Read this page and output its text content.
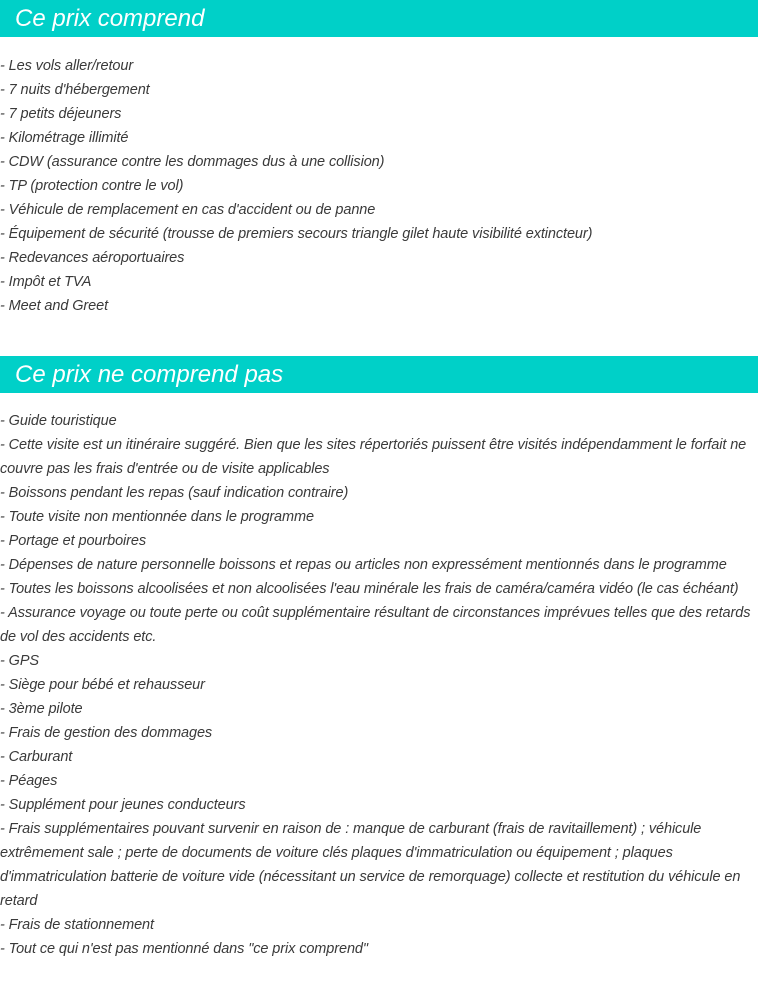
Ce prix comprend
- Les vols aller/retour
- 7 nuits d'hébergement
- 7 petits déjeuners
- Kilométrage illimité
- CDW (assurance contre les dommages dus à une collision)
- TP (protection contre le vol)
- Véhicule de remplacement en cas d'accident ou de panne
- Équipement de sécurité (trousse de premiers secours triangle gilet haute visibilité extincteur)
- Redevances aéroportuaires
- Impôt et TVA
- Meet and Greet
Ce prix ne comprend pas
- Guide touristique
- Cette visite est un itinéraire suggéré. Bien que les sites répertoriés puissent être visités indépendamment le forfait ne couvre pas les frais d'entrée ou de visite applicables
- Boissons pendant les repas (sauf indication contraire)
- Toute visite non mentionnée dans le programme
- Portage et pourboires
- Dépenses de nature personnelle boissons et repas ou articles non expressément mentionnés dans le programme
- Toutes les boissons alcoolisées et non alcoolisées l'eau minérale les frais de caméra/caméra vidéo (le cas échéant)
- Assurance voyage ou toute perte ou coût supplémentaire résultant de circonstances imprévues telles que des retards de vol des accidents etc.
- GPS
- Siège pour bébé et rehausseur
- 3ème pilote
- Frais de gestion des dommages
- Carburant
- Péages
- Supplément pour jeunes conducteurs
- Frais supplémentaires pouvant survenir en raison de : manque de carburant (frais de ravitaillement) ; véhicule extrêmement sale ; perte de documents de voiture clés plaques d'immatriculation ou équipement ; plaques d'immatriculation batterie de voiture vide (nécessitant un service de remorquage) collecte et restitution du véhicule en retard
- Frais de stationnement
- Tout ce qui n'est pas mentionné dans "ce prix comprend"
